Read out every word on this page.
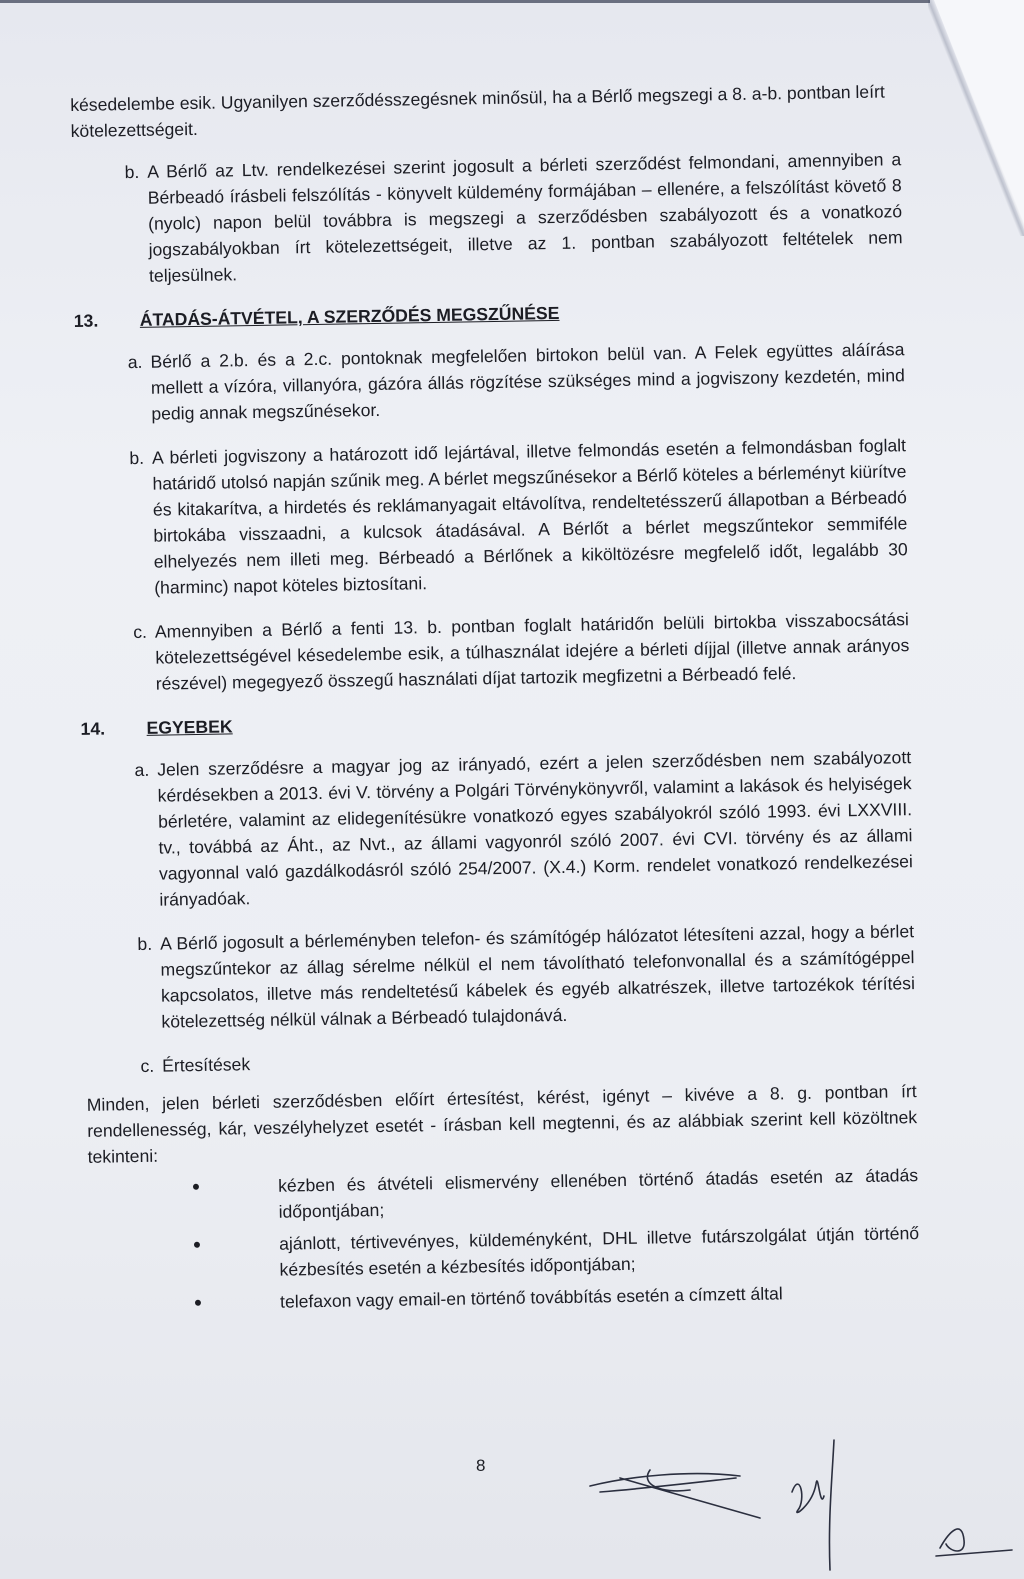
késedelembe esik. Ugyanilyen szerződésszegésnek minősül, ha a Bérlő megszegi a 8. a-b. pontban leírt kötelezettségeit.

b. A Bérlő az Ltv. rendelkezései szerint jogosult a bérleti szerződést felmondani, amennyiben a Bérbeadó írásbeli felszólítás - könyvelt küldemény formájában – ellenére, a felszólítást követő 8 (nyolc) napon belül továbbra is megszegi a szerződésben szabályozott és a vonatkozó jogszabályokban írt kötelezettségeit, illetve az 1. pontban szabályozott feltételek nem teljesülnek.
13.	ÁTADÁS-ÁTVÉTEL, A SZERZŐDÉS MEGSZŰNÉSE
a. Bérlő a 2.b. és a 2.c. pontoknak megfelelően birtokon belül van. A Felek együttes aláírása mellett a vízóra, villanyóra, gázóra állás rögzítése szükséges mind a jogviszony kezdetén, mind pedig annak megszűnésekor.
b. A bérleti jogviszony a határozott idő lejártával, illetve felmondás esetén a felmondásban foglalt határidő utolsó napján szűnik meg. A bérlet megszűnésekor a Bérlő köteles a bérleményt kiürítve és kitakarítva, a hirdetés és reklámanyagait eltávolítva, rendeltetésszerű állapotban a Bérbeadó birtokába visszaadni, a kulcsok átadásával. A Bérlőt a bérlet megszűntekor semmiféle elhelyezés nem illeti meg. Bérbeadó a Bérlőnek a kiköltözésre megfelelő időt, legalább 30 (harminc) napot köteles biztosítani.
c. Amennyiben a Bérlő a fenti 13. b. pontban foglalt határidőn belüli birtokba visszabocsátási kötelezettségével késedelembe esik, a túlhasználat idejére a bérleti díjjal (illetve annak arányos részével) megegyező összegű használati díjat tartozik megfizetni a Bérbeadó felé.
14.	EGYEBEK
a. Jelen szerződésre a magyar jog az irányadó, ezért a jelen szerződésben nem szabályozott kérdésekben a 2013. évi V. törvény a Polgári Törvénykönyvről, valamint a lakások és helyiségek bérletére, valamint az elidegenítésükre vonatkozó egyes szabályokról szóló 1993. évi LXXVIII. tv., továbbá az Áht., az Nvt., az állami vagyonról szóló 2007. évi CVI. törvény és az állami vagyonnal való gazdálkodásról szóló 254/2007. (X.4.) Korm. rendelet vonatkozó rendelkezései irányadóak.
b. A Bérlő jogosult a bérleményben telefon- és számítógép hálózatot létesíteni azzal, hogy a bérlet megszűntekor az állag sérelme nélkül el nem távolítható telefonvonallal és a számítógéppel kapcsolatos, illetve más rendeltetésű kábelek és egyéb alkatrészek, illetve tartozékok térítési kötelezettség nélkül válnak a Bérbeadó tulajdonává.
c. Értesítések

Minden, jelen bérleti szerződésben előírt értesítést, kérést, igényt – kivéve a 8. g. pontban írt rendellenesség, kár, veszélyhelyzet esetét - írásban kell megtenni, és az alábbiak szerint kell közöltnek tekinteni:

•	kézben és átvételi elismervény ellenében történő átadás esetén az átadás időpontjában;
•	ajánlott, tértivevényes, küldeményként, DHL illetve futárszolgálat útján történő kézbesítés esetén a kézbesítés időpontjában;
•	telefaxon vagy email-en történő továbbítás esetén a címzett által
8
